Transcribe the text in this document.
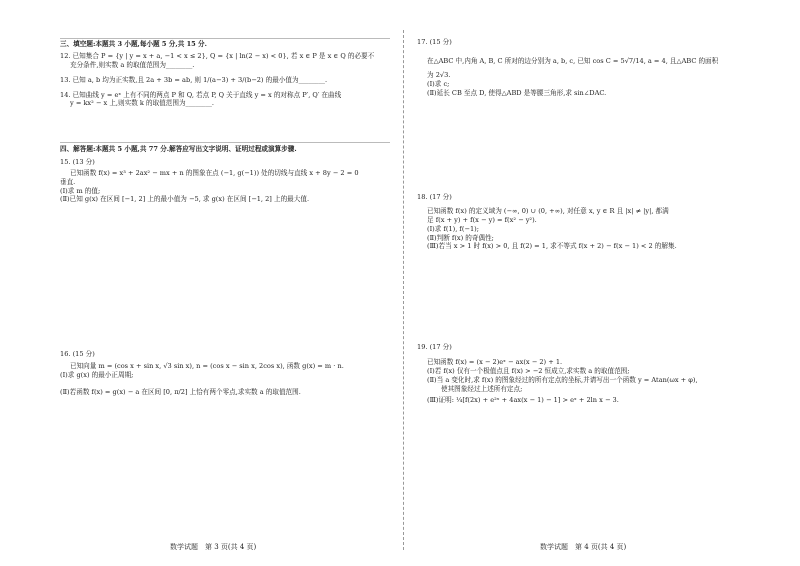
三、填空题:本题共 3 小题,每小题 5 分,共 15 分.
12. 已知集合 P = {y | y = x + a, −1 < x ≤ 2}, Q = {x | ln(2 − x) < 0}, 若 x ∈ P 是 x ∈ Q 的必要不
充分条件,则实数 a 的取值范围为________.
13. 已知 a, b 均为正实数,且 2a + 3b = ab, 则 1/(a−3) + 3/(b−2) 的最小值为________.
14. 已知曲线 y = eˣ 上有不同的两点 P 和 Q, 若点 P, Q 关于直线 y = x 的对称点 P′, Q′ 在曲线
y = kx² − x 上,则实数 k 的取值范围为________.
四、解答题:本题共 5 小题,共 77 分.解答应写出文字说明、证明过程或演算步骤.
15. (13 分)
已知函数 f(x) = x³ + 2ax² − mx + n 的图象在点 (−1, g(−1)) 处的切线与直线 x + 8y − 2 = 0
垂直.
(Ⅰ)求 m 的值;
(Ⅱ)已知 g(x) 在区间 [−1, 2] 上的最小值为 −5, 求 g(x) 在区间 [−1, 2] 上的最大值.
16. (15 分)
已知向量 m = (cos x + sin x, √3 sin x), n = (cos x − sin x, 2cos x), 函数 g(x) = m · n.
(Ⅰ)求 g(x) 的最小正周期;
(Ⅱ)若函数 f(x) = g(x) − a 在区间 [0, π/2] 上恰有两个零点,求实数 a 的取值范围.
数学试题　第 3 页(共 4 页)
17. (15 分)
在△ABC 中,内角 A, B, C 所对的边分别为 a, b, c, 已知 cos C = 5√7/14, a = 4, 且△ABC 的面积
为 2√3.
(Ⅰ)求 c;
(Ⅱ)延长 CB 至点 D, 使得△ABD 是等腰三角形,求 sin∠DAC.
18. (17 分)
已知函数 f(x) 的定义域为 (−∞, 0) ∪ (0, +∞), 对任意 x, y ∈ R 且 |x| ≠ |y|, 都满
足 f(x + y) + f(x − y) = f(x² − y²).
(Ⅰ)求 f(1), f(−1);
(Ⅱ)判断 f(x) 的奇偶性;
(Ⅲ)若当 x > 1 时 f(x) > 0, 且 f(2) = 1, 求不等式 f(x + 2) − f(x − 1) < 2 的解集.
19. (17 分)
已知函数 f(x) = (x − 2)eˣ − ax(x − 2) + 1.
(Ⅰ)若 f(x) 仅有一个极值点且 f(x) > −2 恒成立,求实数 a 的取值范围;
(Ⅱ)当 a 变化时,求 f(x) 的图象经过的所有定点的坐标,并请写出一个函数 y = Atan(ωx + φ),
使其图象经过上述所有定点;
(Ⅲ)证明: ¼[f(2x) + e²ˣ + 4ax(x − 1) − 1] > eˣ + 2ln x − 3.
数学试题　第 4 页(共 4 页)
